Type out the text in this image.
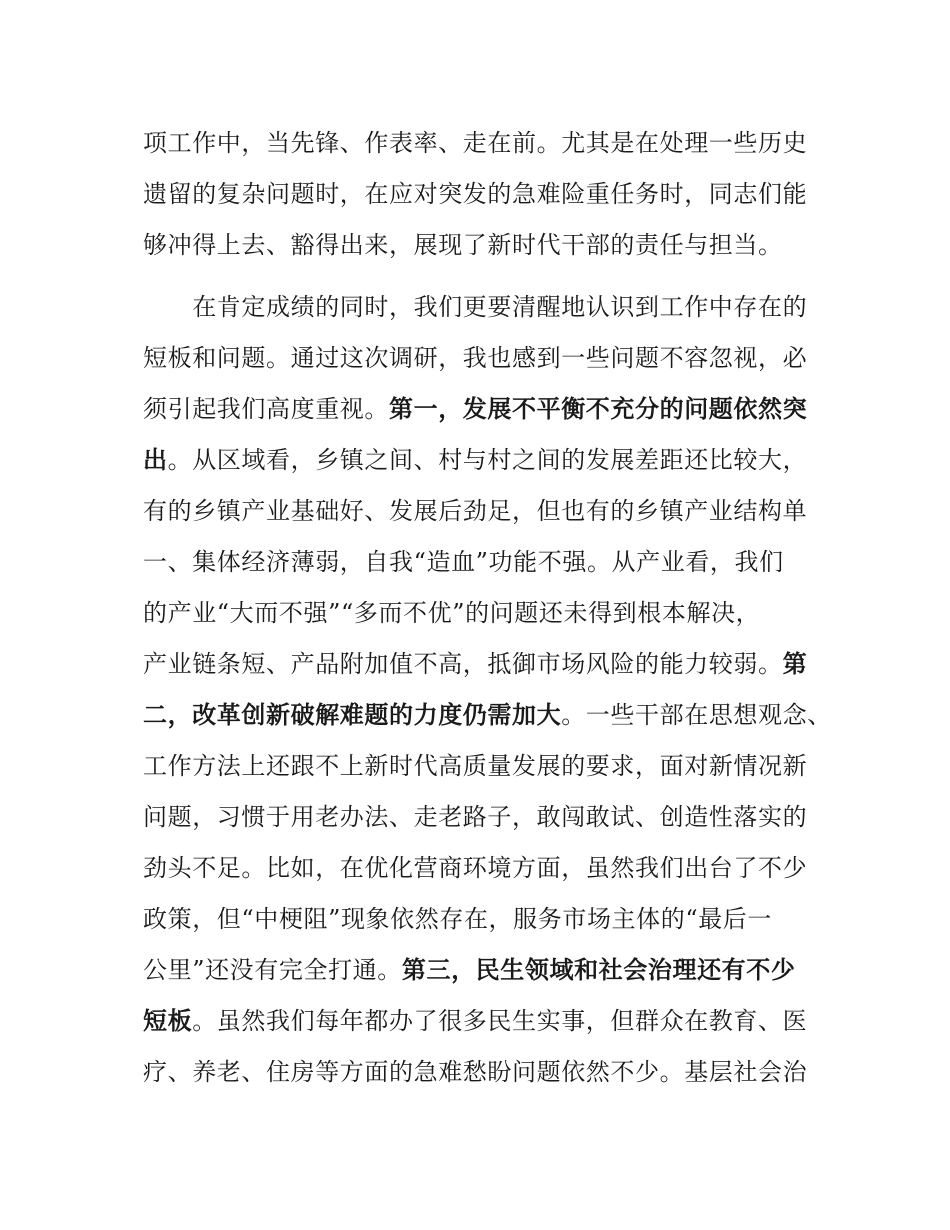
项工作中，当先锋、作表率、走在前。尤其是在处理一些历史
遗留的复杂问题时，在应对突发的急难险重任务时，同志们能
够冲得上去、豁得出来，展现了新时代干部的责任与担当。
　　在肯定成绩的同时，我们更要清醒地认识到工作中存在的
短板和问题。通过这次调研，我也感到一些问题不容忽视，必
须引起我们高度重视。第一，发展不平衡不充分的问题依然突
出。从区域看，乡镇之间、村与村之间的发展差距还比较大，
有的乡镇产业基础好、发展后劲足，但也有的乡镇产业结构单
一、集体经济薄弱，自我“造血”功能不强。从产业看，我们
的产业“大而不强”“多而不优”的问题还未得到根本解决，
产业链条短、产品附加值不高，抵御市场风险的能力较弱。第
二，改革创新破解难题的力度仍需加大。一些干部在思想观念、
工作方法上还跟不上新时代高质量发展的要求，面对新情况新
问题，习惯于用老办法、走老路子，敢闯敢试、创造性落实的
劲头不足。比如，在优化营商环境方面，虽然我们出台了不少
政策，但“中梗阻”现象依然存在，服务市场主体的“最后一
公里”还没有完全打通。第三，民生领域和社会治理还有不少
短板。虽然我们每年都办了很多民生实事，但群众在教育、医
疗、养老、住房等方面的急难愁盼问题依然不少。基层社会治
